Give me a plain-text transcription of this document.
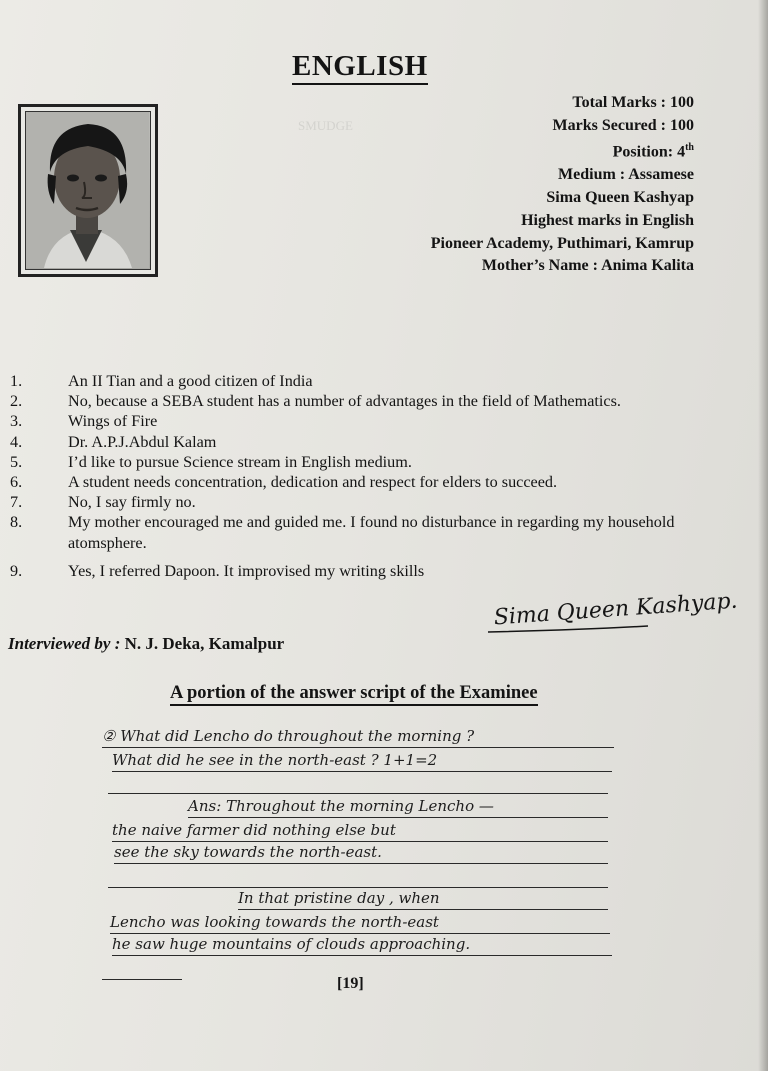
ENGLISH
Total Marks : 100
Marks Secured : 100
Position: 4th
Medium : Assamese
Sima Queen Kashyap
Highest marks in English
Pioneer Academy, Puthimari, Kamrup
Mother’s Name : Anima Kalita
SMUDGE
1.	An II Tian and a good citizen of India
2.	No, because a SEBA student has a number of advantages in the field of Mathematics.
3.	Wings of Fire
4.	Dr. A.P.J.Abdul Kalam
5.	I’d like to pursue Science stream in English medium.
6.	A student needs concentration, dedication and respect for elders to succeed.
7.	No, I say firmly no.
8.	My mother encouraged me and guided me. I found no disturbance in regarding my household atomsphere.
9.	Yes, I referred Dapoon. It improvised my writing skills
Sima Queen Kashyap.
Interviewed by : N. J. Deka, Kamalpur
A portion of the answer script of the Examinee
② What did Lencho do throughout the morning ?
What did he see in the north-east ? 1+1=2
Ans: Throughout the morning Lencho —
the naive farmer did nothing else but
see the sky towards the north-east.
In that pristine day , when
Lencho was looking towards the north-east
he saw huge mountains of clouds approaching.
[19]
